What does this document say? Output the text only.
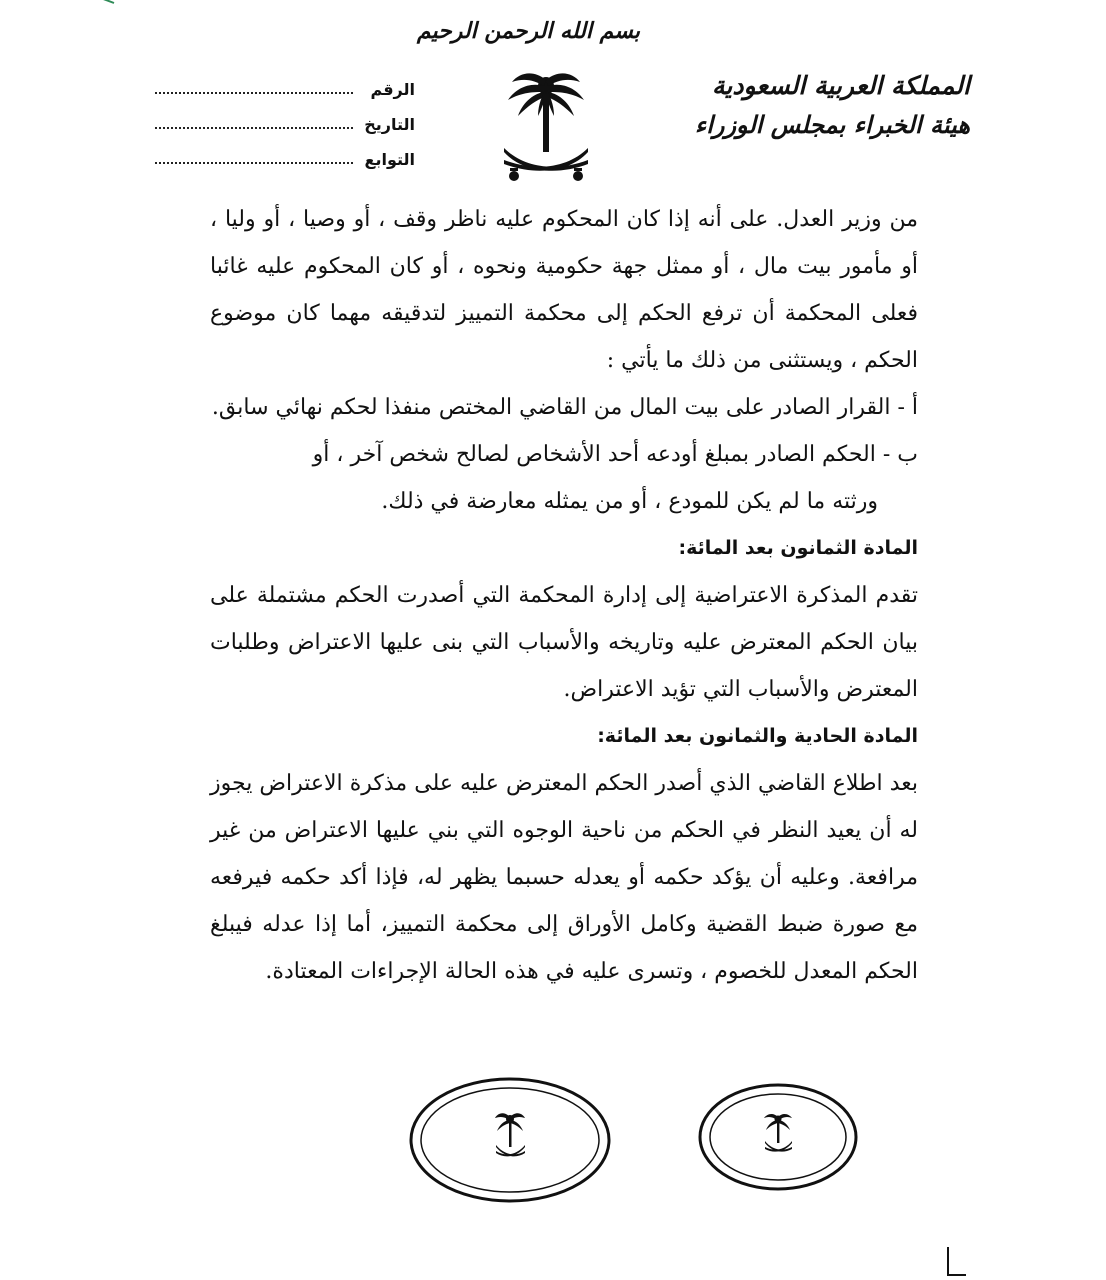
بسم الله الرحمن الرحيم
المملكة العربية السعودية
هيئة الخبراء بمجلس الوزراء
الرقم
التاريخ
التوابع

من وزير العدل. على أنه إذا كان المحكوم عليه ناظر وقف ، أو وصيا ، أو وليا ، أو مأمور بيت مال ، أو ممثل جهة حكومية ونحوه ، أو كان المحكوم عليه غائبا فعلى المحكمة أن ترفع الحكم إلى محكمة التمييز لتدقيقه مهما كان موضوع الحكم ، ويستثنى من ذلك ما يأتي :

أ - القرار الصادر على بيت المال من القاضي المختص منفذا لحكم نهائي سابق.

ب - الحكم الصادر بمبلغ أودعه أحد الأشخاص لصالح شخص آخر ، أو

ورثته ما لم يكن للمودع ، أو من يمثله معارضة في ذلك.

المادة الثمانون بعد المائة:

تقدم المذكرة الاعتراضية إلى إدارة المحكمة التي أصدرت الحكم مشتملة على بيان الحكم المعترض عليه وتاريخه والأسباب التي بنى عليها الاعتراض وطلبات المعترض والأسباب التي تؤيد الاعتراض.

المادة الحادية والثمانون بعد المائة:

بعد اطلاع القاضي الذي أصدر الحكم المعترض عليه على مذكرة الاعتراض يجوز له أن يعيد النظر في الحكم من ناحية الوجوه التي بني عليها الاعتراض من غير مرافعة. وعليه أن يؤكد حكمه أو يعدله حسبما يظهر له، فإذا أكد حكمه فيرفعه مع صورة ضبط القضية وكامل الأوراق إلى محكمة التمييز، أما إذا عدله فيبلغ الحكم المعدل للخصوم ، وتسرى عليه في هذه الحالة الإجراءات المعتادة.
